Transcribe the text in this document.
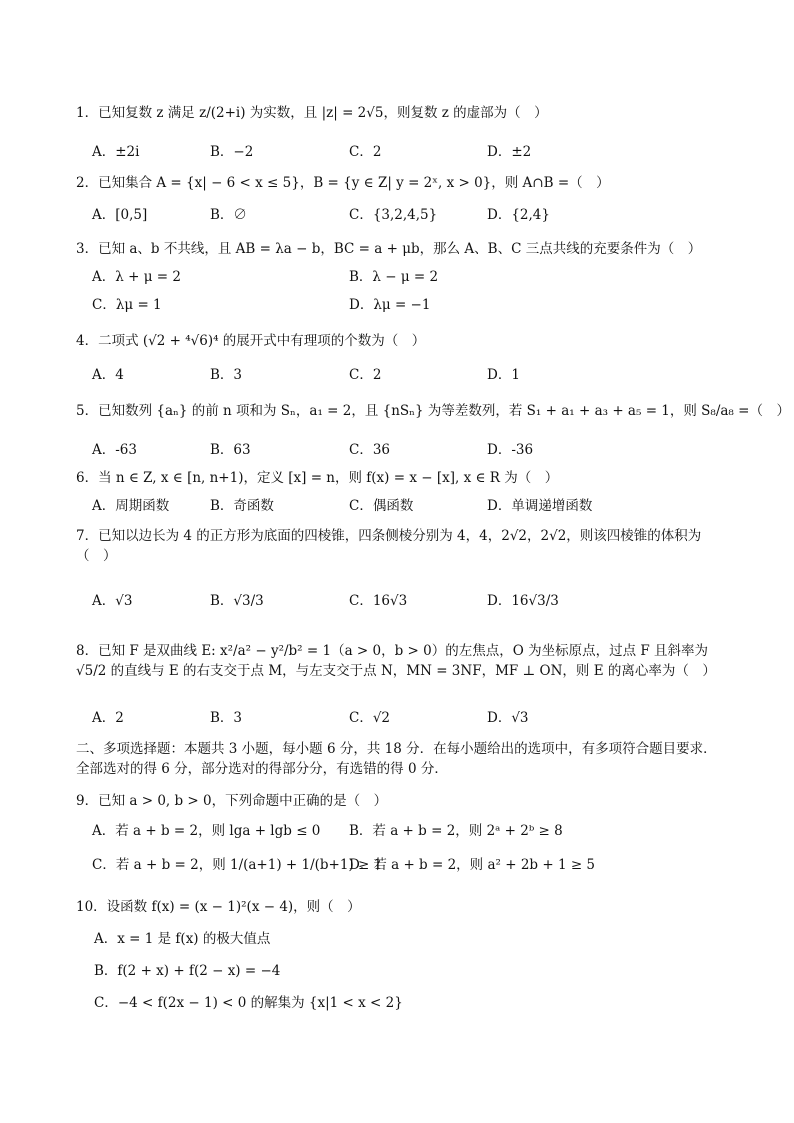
1．已知复数 z 满足 z/(2+i) 为实数，且 |z| = 2√5，则复数 z 的虚部为（　）
A．±2i	B．−2	C．2	D．±2
2．已知集合 A = {x| − 6 < x ≤ 5}，B = {y ∈ Z| y = 2ˣ, x > 0}，则 A∩B =（　）
A．[0,5]	B．∅	C．{3,2,4,5}	D．{2,4}
3．已知 a、b 不共线，且 AB = λa − b，BC = a + μb，那么 A、B、C 三点共线的充要条件为（　）
A．λ + μ = 2	B．λ − μ = 2
C．λμ = 1	D．λμ = −1
4．二项式 (√2 + ⁴√6)⁴ 的展开式中有理项的个数为（　）
A．4	B．3	C．2	D．1
5．已知数列 {aₙ} 的前 n 项和为 Sₙ，a₁ = 2，且 {nSₙ} 为等差数列，若 S₁ + a₁ + a₃ + a₅ = 1，则 S₈/a₈ =（　）
A．-63	B．63	C．36	D．-36
6．当 n ∈ Z, x ∈ [n, n+1)，定义 [x] = n，则 f(x) = x − [x], x ∈ R 为（　）
A．周期函数	B．奇函数	C．偶函数	D．单调递增函数
7．已知以边长为 4 的正方形为底面的四棱锥，四条侧棱分别为 4，4，2√2，2√2，则该四棱锥的体积为（　）
A．√3	B．√3/3	C．16√3	D．16√3/3
8．已知 F 是双曲线 E: x²/a² − y²/b² = 1（a > 0，b > 0）的左焦点，O 为坐标原点，过点 F 且斜率为 √5/2 的直线与 E 的右支交于点 M，与左支交于点 N，MN = 3NF，MF ⊥ ON，则 E 的离心率为（　）
A．2	B．3	C．√2	D．√3
二、多项选择题：本题共 3 小题，每小题 6 分，共 18 分．在每小题给出的选项中，有多项符合题目要求．全部选对的得 6 分，部分选对的得部分分，有选错的得 0 分．
9．已知 a > 0, b > 0，下列命题中正确的是（　）
A．若 a + b = 2，则 lga + lgb ≤ 0 B．若 a + b = 2，则 2ᵃ + 2ᵇ ≥ 8
C．若 a + b = 2，则 1/(a+1) + 1/(b+1) ≥ 1
D．若 a + b = 2，则 a² + 2b + 1 ≥ 5
10．设函数 f(x) = (x − 1)²(x − 4)，则（　）
A．x = 1 是 f(x) 的极大值点
B．f(2 + x) + f(2 − x) = −4
C．−4 < f(2x − 1) < 0 的解集为 {x|1 < x < 2}
